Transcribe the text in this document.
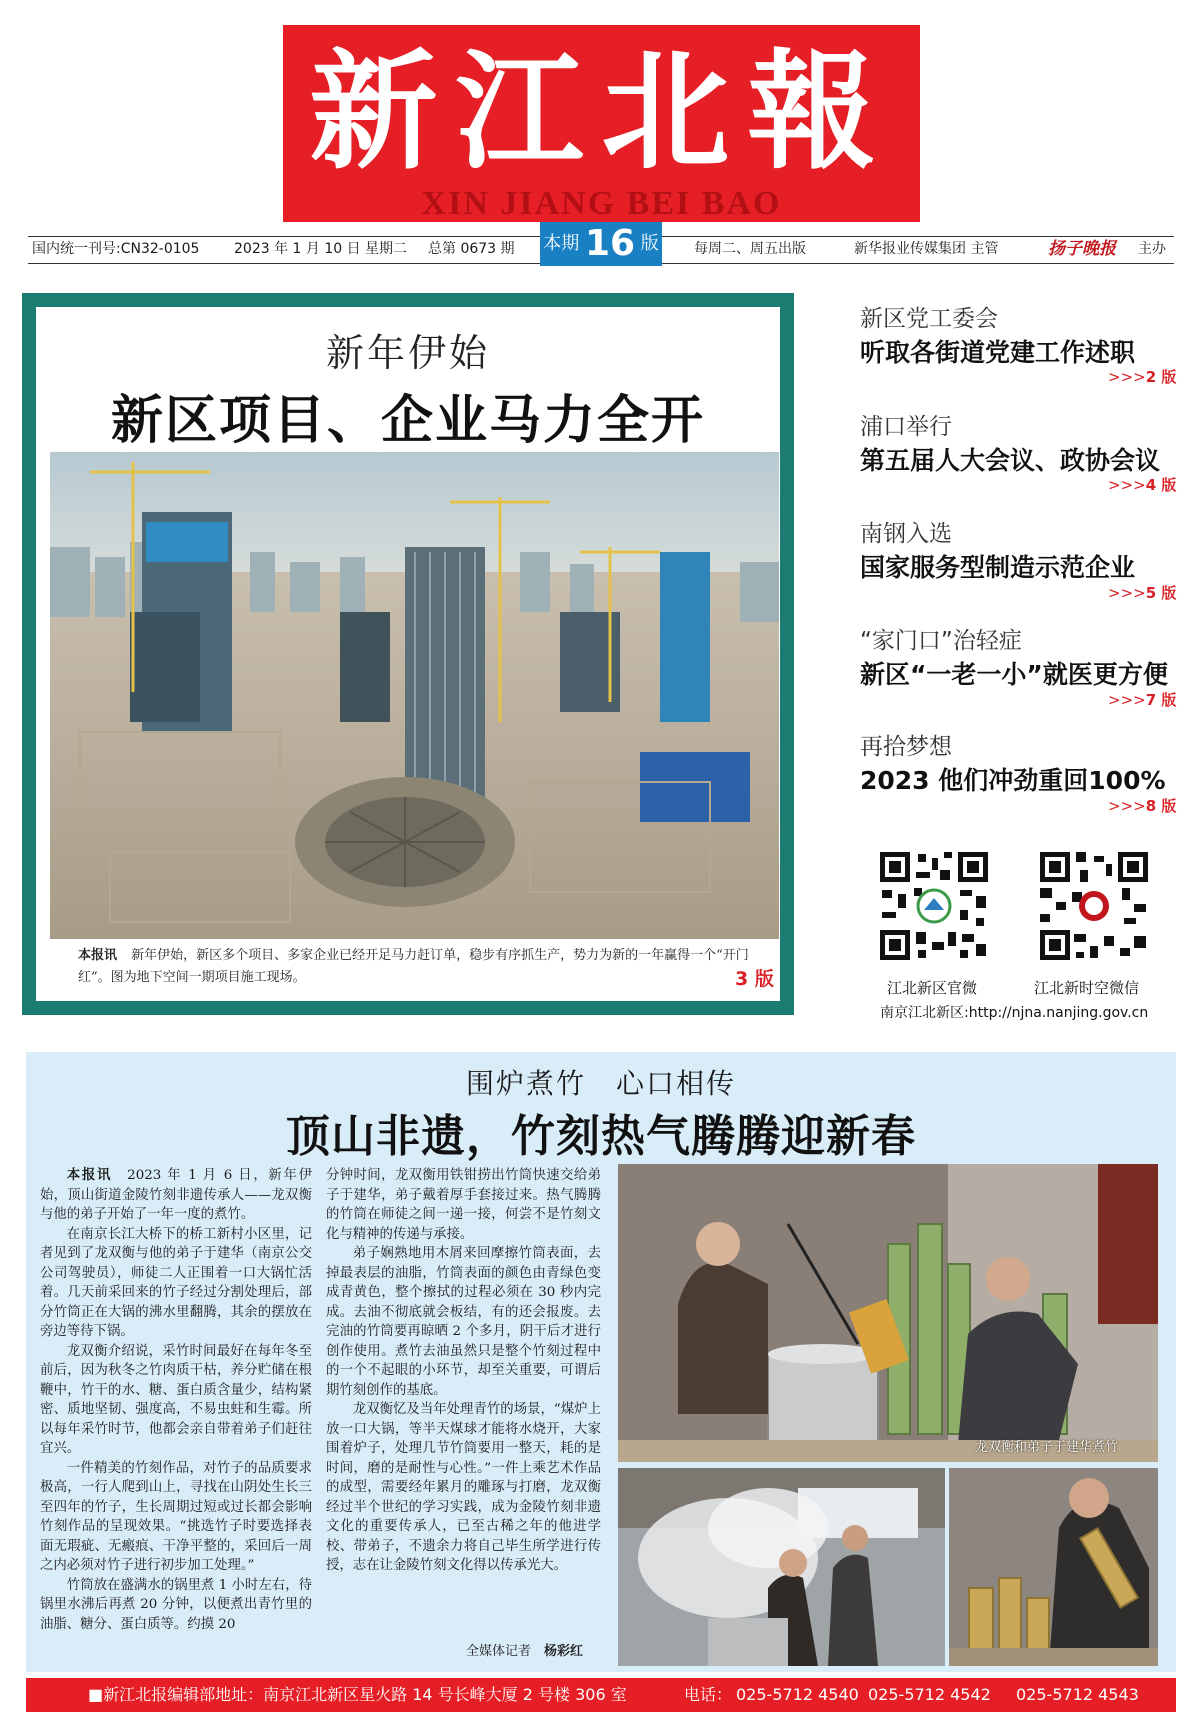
新江北報
XIN JIANG BEI BAO
国内统一刊号:CN32-0105 2023 年 1 月 10 日 星期二 总第 0673 期	每周二、周五出版	新华报业传媒集团 主管	扬子晚报 主办
本期 16 版
新年伊始
新区项目、企业马力全开
本报讯 新年伊始，新区多个项目、多家企业已经开足马力赶订单，稳步有序抓生产，势力为新的一年赢得一个“开门红”。图为地下空间一期项目施工现场。	3 版
新区党工委会
听取各街道党建工作述职
>>>2 版
浦口举行
第五届人大会议、政协会议
>>>4 版
南钢入选
国家服务型制造示范企业
>>>5 版
“家门口”治轻症
新区“一老一小”就医更方便
>>>7 版
再拾梦想
2023 他们冲劲重回100%
>>>8 版
江北新区官微	江北新时空微信
南京江北新区:http://njna.nanjing.gov.cn
围炉煮竹　心口相传
顶山非遗，竹刻热气腾腾迎新春

本报讯　 2023 年 1 月 6 日，新年伊始，顶山街道金陵竹刻非遗传承人——龙双衡与他的弟子开始了一年一度的煮竹。

在南京长江大桥下的桥工新村小区里，记者见到了龙双衡与他的弟子于建华（南京公交公司驾驶员），师徒二人正围着一口大锅忙活着。几天前采回来的竹子经过分割处理后，部分竹筒正在大锅的沸水里翻腾，其余的摆放在旁边等待下锅。

龙双衡介绍说，采竹时间最好在每年冬至前后，因为秋冬之竹肉质干枯，养分贮储在根鞭中，竹干的水、糖、蛋白质含量少，结构紧密、质地坚韧、强度高，不易虫蛀和生霉。所以每年采竹时节，他都会亲自带着弟子们赶往宜兴。

一件精美的竹刻作品，对竹子的品质要求极高，一行人爬到山上，寻找在山阴处生长三至四年的竹子，生长周期过短或过长都会影响竹刻作品的呈现效果。“挑选竹子时要选择表面无瑕疵、无瘢痕、干净平整的，采回后一周之内必须对竹子进行初步加工处理。”

竹筒放在盛满水的锅里煮 1 小时左右，待锅里水沸后再煮 20 分钟，以便煮出青竹里的油脂、糖分、蛋白质等。约摸 20

分钟时间，龙双衡用铁钳捞出竹筒快速交给弟子于建华，弟子戴着厚手套接过来。热气腾腾的竹筒在师徒之间一递一接，何尝不是竹刻文化与精神的传递与承接。

弟子娴熟地用木屑来回摩擦竹筒表面，去掉最表层的油脂，竹筒表面的颜色由青绿色变成青黄色，整个擦拭的过程必须在 30 秒内完成。去油不彻底就会板结，有的还会报废。去完油的竹筒要再晾晒 2 个多月，阴干后才进行创作使用。煮竹去油虽然只是整个竹刻过程中的一个不起眼的小环节，却至关重要，可谓后期竹刻创作的基底。

龙双衡忆及当年处理青竹的场景，“煤炉上放一口大锅，等半天煤球才能将水烧开，大家围着炉子，处理几节竹筒要用一整天，耗的是时间，磨的是耐性与心性。”一件上乘艺术作品的成型，需要经年累月的雕琢与打磨，龙双衡经过半个世纪的学习实践，成为金陵竹刻非遗文化的重要传承人，已至古稀之年的他进学校、带弟子，不遗余力将自己毕生所学进行传授，志在让金陵竹刻文化得以传承光大。

全媒体记者　 杨彩红
龙双衡和弟子于建华煮竹
■新江北报编辑部地址：南京江北新区星火路 14 号长峰大厦 2 号楼 306 室	电话： 025-5712 4540 025-5712 4542 025-5712 4543
